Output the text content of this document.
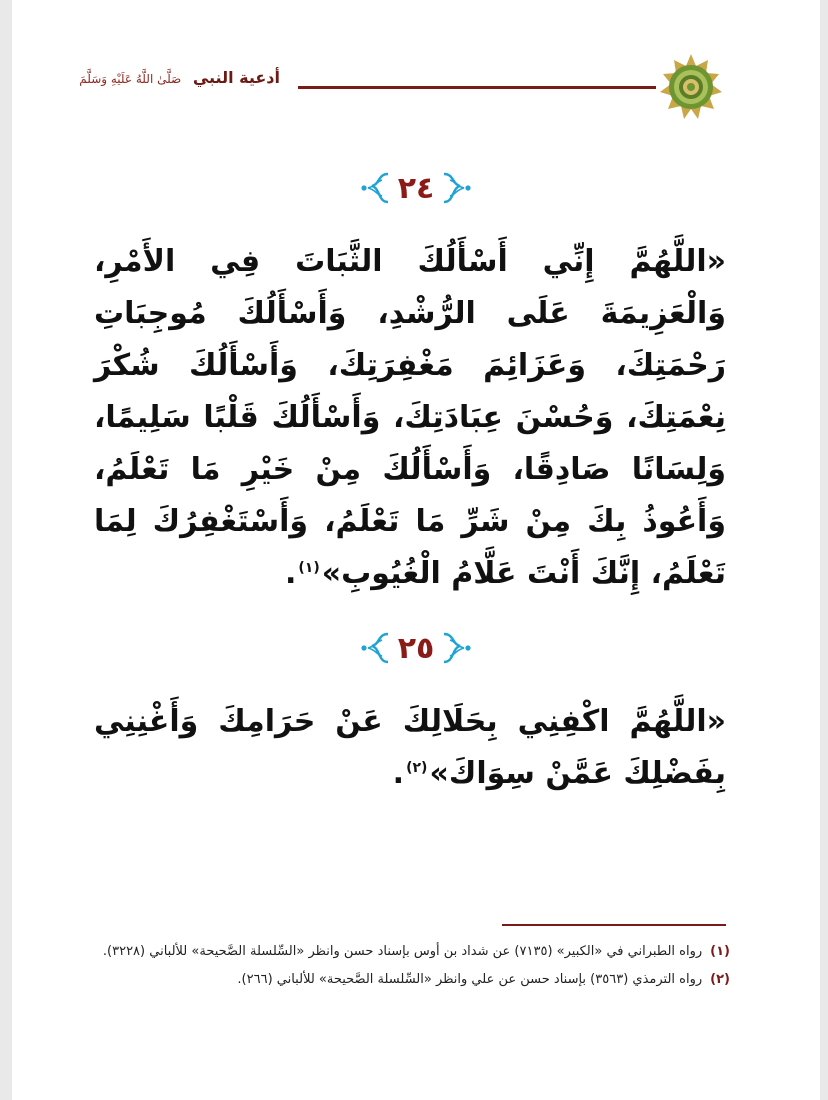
أدعية النبي صَلَّىٰ اللَّهُ عَلَيْهِ وَسَلَّمَ
٢٤
«اللَّهُمَّ إِنِّي أَسْأَلُكَ الثَّبَاتَ فِي الأَمْرِ، وَالْعَزِيمَةَ عَلَى الرُّشْدِ، وَأَسْأَلُكَ مُوجِبَاتِ رَحْمَتِكَ، وَعَزَائِمَ مَغْفِرَتِكَ، وَأَسْأَلُكَ شُكْرَ نِعْمَتِكَ، وَحُسْنَ عِبَادَتِكَ، وَأَسْأَلُكَ قَلْبًا سَلِيمًا، وَلِسَانًا صَادِقًا، وَأَسْأَلُكَ مِنْ خَيْرِ مَا تَعْلَمُ، وَأَعُوذُ بِكَ مِنْ شَرِّ مَا تَعْلَمُ، وَأَسْتَغْفِرُكَ لِمَا تَعْلَمُ، إِنَّكَ أَنْتَ عَلَّامُ الْغُيُوبِ»$^{(١)}$.
٢٥
«اللَّهُمَّ اكْفِنِي بِحَلَالِكَ عَنْ حَرَامِكَ وَأَغْنِنِي بِفَضْلِكَ عَمَّنْ سِوَاكَ»$^{(٢)}$.

(١)رواه الطبراني في «الكبير» (٧١٣٥) عن شداد بن أوس بإسناد حسن وانظر «السِّلسلة الصَّحيحة» للألباني (٣٢٢٨).

(٢)رواه الترمذي (٣٥٦٣) بإسناد حسن عن علي وانظر «السِّلسلة الصَّحيحة» للألباني (٢٦٦).
